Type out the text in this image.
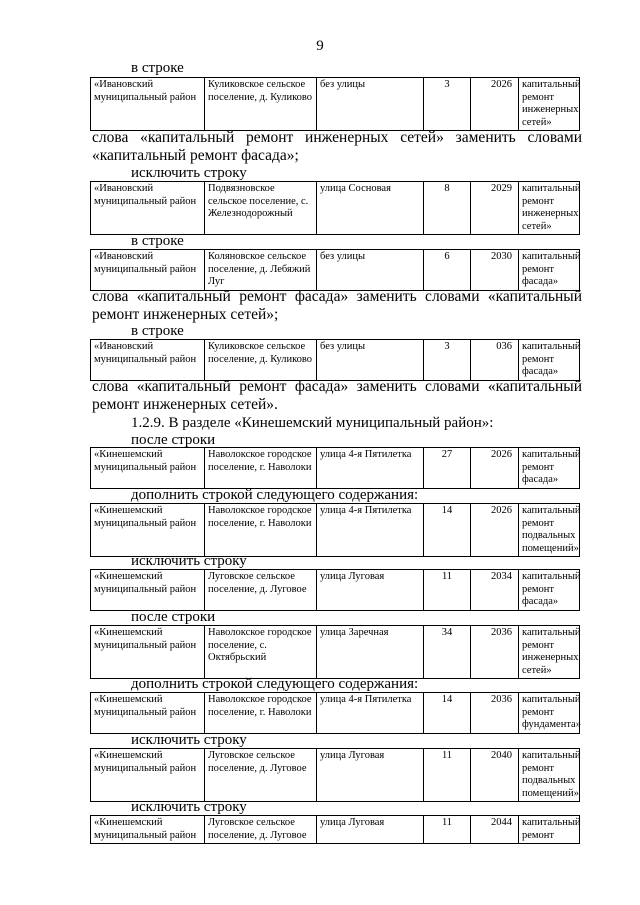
9
в строке
«Ивановский муниципальный район	Куликовское сельское поселение, д. Куликово	без улицы	3	2026	капитальный ремонт инженерных сетей»
слова «капитальный ремонт инженерных сетей» заменить словами
«капитальный ремонт фасада»;
исключить строку
«Ивановский муниципальный район	Подвязновское сельское поселение, с. Железнодорожный	улица Сосновая	8	2029	капитальный ремонт инженерных сетей»
в строке
«Ивановский муниципальный район	Коляновское сельское поселение, д. Лебяжий Луг	без улицы	6	2030	капитальный ремонт фасада»
слова «капитальный ремонт фасада» заменить словами «капитальный
ремонт инженерных сетей»;
в строке
«Ивановский муниципальный район	Куликовское сельское поселение, д. Куликово	без улицы	3	036	капитальный ремонт фасада»
слова «капитальный ремонт фасада» заменить словами «капитальный
ремонт инженерных сетей».
1.2.9. В разделе «Кинешемский муниципальный район»:
после строки
«Кинешемский муниципальный район	Наволокское городское поселение, г. Наволоки	улица 4-я Пятилетка	27	2026	капитальный ремонт фасада»
дополнить строкой следующего содержания:
«Кинешемский муниципальный район	Наволокское городское поселение, г. Наволоки	улица 4-я Пятилетка	14	2026	капитальный ремонт подвальных помещений»
исключить строку
«Кинешемский муниципальный район	Луговское сельское поселение, д. Луговое	улица Луговая	11	2034	капитальный ремонт фасада»
после строки
«Кинешемский муниципальный район	Наволокское городское поселение, с. Октябрьский	улица Заречная	34	2036	капитальный ремонт инженерных сетей»
дополнить строкой следующего содержания:
«Кинешемский муниципальный район	Наволокское городское поселение, г. Наволоки	улица 4-я Пятилетка	14	2036	капитальный ремонт фундамента»
исключить строку
«Кинешемский муниципальный район	Луговское сельское поселение, д. Луговое	улица Луговая	11	2040	капитальный ремонт подвальных помещений»
исключить строку
«Кинешемский муниципальный район	Луговское сельское поселение, д. Луговое	улица Луговая	11	2044	капитальный ремонт
